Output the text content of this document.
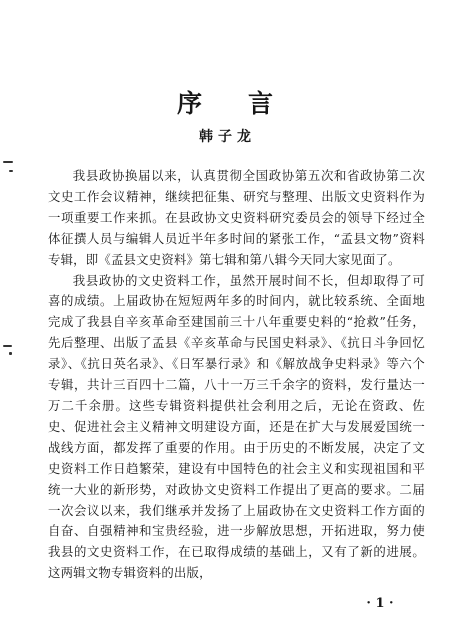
序言
韩子龙

我县政协换届以来，认真贯彻全国政协第五次和省政协第二次文史工作会议精神，继续把征集、研究与整理、出版文史资料作为一项重要工作来抓。在县政协文史资料研究委员会的领导下经过全体征撰人员与编辑人员近半年多时间的紧张工作，“孟县文物”资料专辑，即《孟县文史资料》第七辑和第八辑今天同大家见面了。

我县政协的文史资料工作，虽然开展时间不长，但却取得了可喜的成绩。上届政协在短短两年多的时间内，就比较系统、全面地完成了我县自辛亥革命至建国前三十八年重要史料的“抢救”任务，先后整理、出版了孟县《辛亥革命与民国史料录》、《抗日斗争回忆录》、《抗日英名录》、《日军暴行录》和《解放战争史料录》等六个专辑，共计三百四十二篇，八十一万三千余字的资料，发行量达一万二千余册。这些专辑资料提供社会利用之后，无论在资政、佐史、促进社会主义精神文明建设方面，还是在扩大与发展爱国统一战线方面，都发挥了重要的作用。由于历史的不断发展，决定了文史资料工作日趋繁荣，建设有中国特色的社会主义和实现祖国和平统一大业的新形势，对政协文史资料工作提出了更高的要求。二届一次会议以来，我们继承并发扬了上届政协在文史资料工作方面的自奋、自强精神和宝贵经验，进一步解放思想，开拓进取，努力使我县的文史资料工作，在已取得成绩的基础上，又有了新的进展。这两辑文物专辑资料的出版，

· 1 ·
